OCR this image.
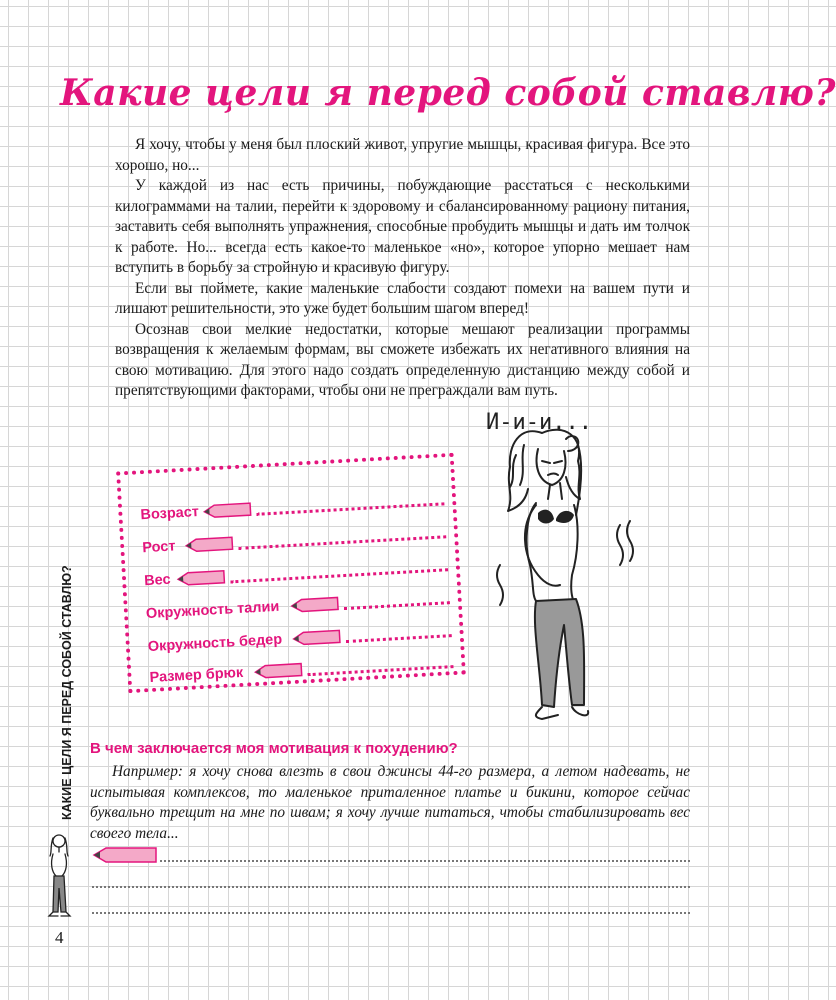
Какие цели я перед собой ставлю?

Я хочу, чтобы у меня был плоский живот, упругие мышцы, красивая фигура. Все это хорошо, но...

У каждой из нас есть причины, побуждающие расстаться с несколькими килограммами на талии, перейти к здоровому и сбалансированному рациону питания, заставить себя выполнять упражнения, способные пробудить мышцы и дать им толчок к работе. Но... всегда есть какое-то маленькое «но», которое упорно мешает нам вступить в борьбу за стройную и красивую фигуру.

Если вы поймете, какие маленькие слабости создают помехи на вашем пути и лишают решительности, это уже будет большим шагом вперед!

Осознав свои мелкие недостатки, которые мешают реализации программы возвращения к желаемым формам, вы сможете избежать их негативного влияния на свою мотивацию. Для этого надо создать определенную дистанцию между собой и препятствующими факторами, чтобы они не преграждали вам путь.

И-и-и...
Возраст
Рост
Вес
Окружность талии
Окружность бедер
Размер брюк
В чем заключается моя мотивация к похудению?

Например: я хочу снова влезть в свои джинсы 44-го размера, а летом надевать, не испытывая комплексов, то маленькое приталенное платье и бикини, которое сейчас буквально трещит на мне по швам; я хочу лучше питаться, чтобы стабилизировать вес своего тела...

КАКИЕ ЦЕЛИ Я ПЕРЕД СОБОЙ СТАВЛЮ?
4
